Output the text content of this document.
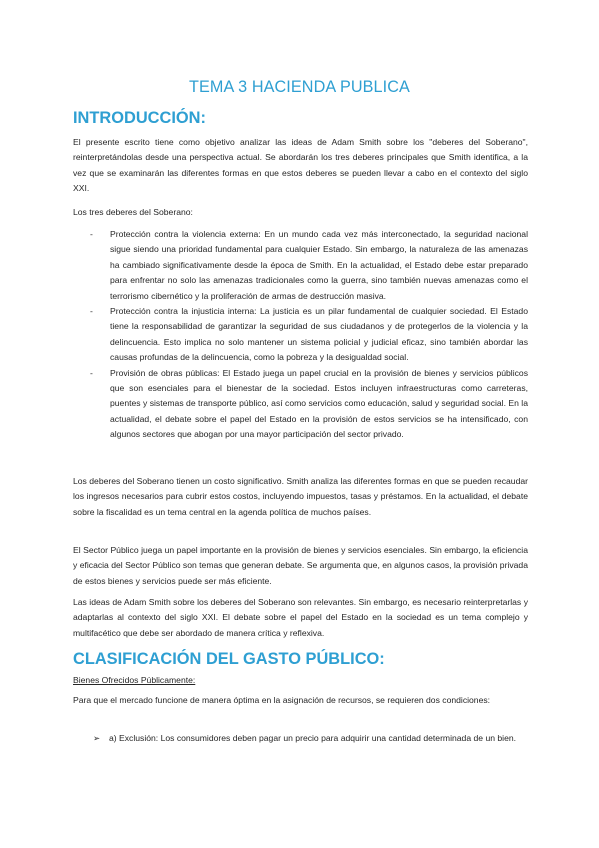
TEMA 3 HACIENDA PUBLICA
INTRODUCCIÓN:

El presente escrito tiene como objetivo analizar las ideas de Adam Smith sobre los "deberes del Soberano", reinterpretándolas desde una perspectiva actual. Se abordarán los tres deberes principales que Smith identifica, a la vez que se examinarán las diferentes formas en que estos deberes se pueden llevar a cabo en el contexto del siglo XXI.

Los tres deberes del Soberano:

- Protección contra la violencia externa: En un mundo cada vez más interconectado, la seguridad nacional sigue siendo una prioridad fundamental para cualquier Estado. Sin embargo, la naturaleza de las amenazas ha cambiado significativamente desde la época de Smith. En la actualidad, el Estado debe estar preparado para enfrentar no solo las amenazas tradicionales como la guerra, sino también nuevas amenazas como el terrorismo cibernético y la proliferación de armas de destrucción masiva.

- Protección contra la injusticia interna: La justicia es un pilar fundamental de cualquier sociedad. El Estado tiene la responsabilidad de garantizar la seguridad de sus ciudadanos y de protegerlos de la violencia y la delincuencia. Esto implica no solo mantener un sistema policial y judicial eficaz, sino también abordar las causas profundas de la delincuencia, como la pobreza y la desigualdad social.

- Provisión de obras públicas: El Estado juega un papel crucial en la provisión de bienes y servicios públicos que son esenciales para el bienestar de la sociedad. Estos incluyen infraestructuras como carreteras, puentes y sistemas de transporte público, así como servicios como educación, salud y seguridad social. En la actualidad, el debate sobre el papel del Estado en la provisión de estos servicios se ha intensificado, con algunos sectores que abogan por una mayor participación del sector privado.

Los deberes del Soberano tienen un costo significativo. Smith analiza las diferentes formas en que se pueden recaudar los ingresos necesarios para cubrir estos costos, incluyendo impuestos, tasas y préstamos. En la actualidad, el debate sobre la fiscalidad es un tema central en la agenda política de muchos países.

El Sector Público juega un papel importante en la provisión de bienes y servicios esenciales. Sin embargo, la eficiencia y eficacia del Sector Público son temas que generan debate. Se argumenta que, en algunos casos, la provisión privada de estos bienes y servicios puede ser más eficiente.

Las ideas de Adam Smith sobre los deberes del Soberano son relevantes. Sin embargo, es necesario reinterpretarlas y adaptarlas al contexto del siglo XXI. El debate sobre el papel del Estado en la sociedad es un tema complejo y multifacético que debe ser abordado de manera crítica y reflexiva.

CLASIFICACIÓN DEL GASTO PÚBLICO:
Bienes Ofrecidos Públicamente:

Para que el mercado funcione de manera óptima en la asignación de recursos, se requieren dos condiciones:

➢	a) Exclusión: Los consumidores deben pagar un precio para adquirir una cantidad determinada de un bien.
